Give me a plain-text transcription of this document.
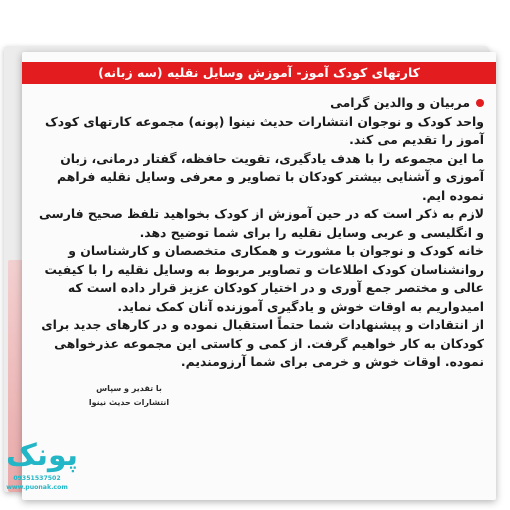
کارتهای کودک آموز- آموزش وسایل نقلیه (سه زبانه)
مربیان و والدین گرامی
واحد کودک و نوجوان انتشارات حدیث نینوا (پونه) مجموعه کارتهای کودک آموز را تقدیم می کند.
ما این مجموعه را با هدف یادگیری، تقویت حافظه، گفتار درمانی، زبان آموزی و آشنایی بیشتر کودکان با تصاویر و معرفی وسایل نقلیه فراهم نموده ایم.
لازم به ذکر است که در حین آموزش از کودک بخواهید تلفظ صحیح فارسی و انگلیسی و عربی وسایل نقلیه را برای شما توضیح دهد.
خانه کودک و نوجوان با مشورت و همکاری متخصصان و کارشناسان و روانشناسان کودک اطلاعات و تصاویر مربوط به وسایل نقلیه را با کیفیت عالی و مختصر جمع آوری و در اختیار کودکان عزیز قرار داده است که امیدواریم به اوقات خوش و یادگیری آموزنده آنان کمک نماید.
از انتقادات و پیشنهادات شما حتماً استقبال نموده و در کارهای جدید برای کودکان به کار خواهیم گرفت. از کمی و کاستی این مجموعه عذرخواهی نموده. اوقات خوش و خرمی برای شما آرزومندیم.
با تقدیر و سپاس
انتشارات حدیث نینوا
پونک
09351537502
www.puonak.com
